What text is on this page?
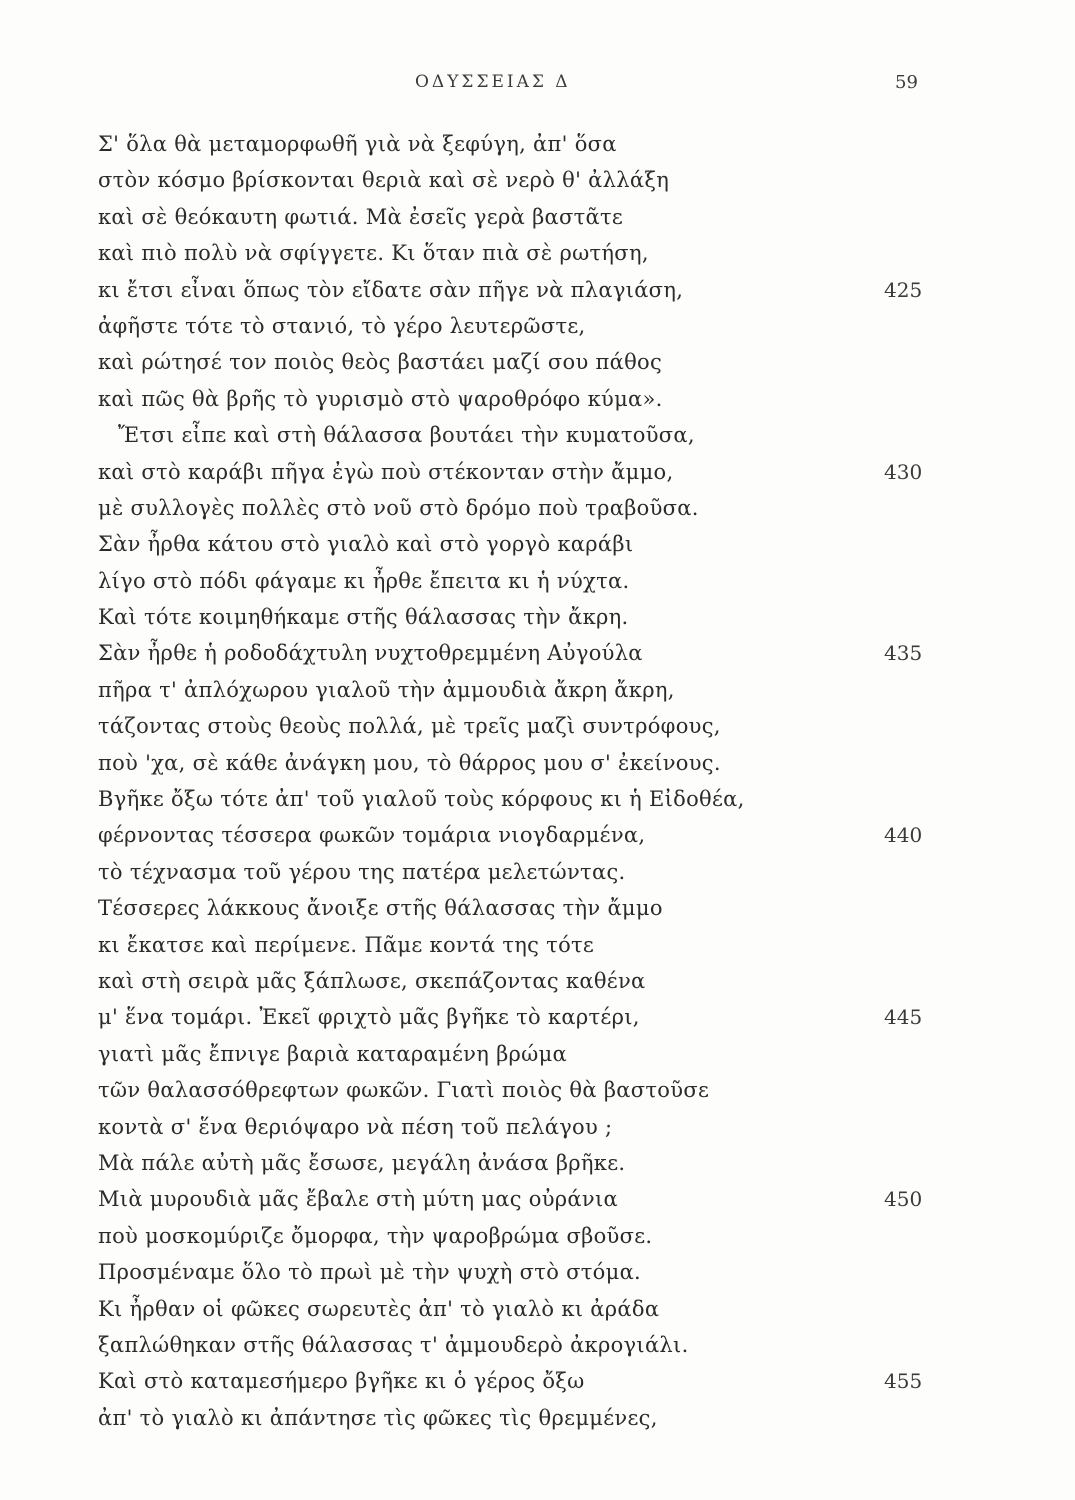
ΟΔΥΣΣΕΙΑΣ Δ	59
Σ' ὅλα θὰ μεταμορφωθῆ γιὰ νὰ ξεφύγη, ἀπ' ὅσα
στὸν κόσμο βρίσκονται θεριὰ καὶ σὲ νερὸ θ' ἀλλάξη
καὶ σὲ θεόκαυτη φωτιά. Μὰ ἐσεῖς γερὰ βαστᾶτε
καὶ πιὸ πολὺ νὰ σφίγγετε. Κι ὅταν πιὰ σὲ ρωτήση,
κι ἔτσι εἶναι ὅπως τὸν εἴδατε σὰν πῆγε νὰ πλαγιάση,	425
ἀφῆστε τότε τὸ στανιό, τὸ γέρο λευτερῶστε,
καὶ ρώτησέ τον ποιὸς θεὸς βαστάει μαζί σου πάθος
καὶ πῶς θὰ βρῆς τὸ γυρισμὸ στὸ ψαροθρόφο κύμα».
Ἔτσι εἶπε καὶ στὴ θάλασσα βουτάει τὴν κυματοῦσα,
καὶ στὸ καράβι πῆγα ἐγὼ ποὺ στέκονταν στὴν ἄμμο,	430
μὲ συλλογὲς πολλὲς στὸ νοῦ στὸ δρόμο ποὺ τραβοῦσα.
Σὰν ἦρθα κάτου στὸ γιαλὸ καὶ στὸ γοργὸ καράβι
λίγο στὸ πόδι φάγαμε κι ἦρθε ἔπειτα κι ἡ νύχτα.
Καὶ τότε κοιμηθήκαμε στῆς θάλασσας τὴν ἄκρη.
Σὰν ἦρθε ἡ ροδοδάχτυλη νυχτοθρεμμένη Αὐγούλα	435
πῆρα τ' ἀπλόχωρου γιαλοῦ τὴν ἀμμουδιὰ ἄκρη ἄκρη,
τάζοντας στοὺς θεοὺς πολλά, μὲ τρεῖς μαζὶ συντρόφους,
ποὺ 'χα, σὲ κάθε ἀνάγκη μου, τὸ θάρρος μου σ' ἐκείνους.
Βγῆκε ὄξω τότε ἀπ' τοῦ γιαλοῦ τοὺς κόρφους κι ἡ Εἰδοθέα,
φέρνοντας τέσσερα φωκῶν τομάρια νιογδαρμένα,	440
τὸ τέχνασμα τοῦ γέρου της πατέρα μελετώντας.
Τέσσερες λάκκους ἄνοιξε στῆς θάλασσας τὴν ἄμμο
κι ἔκατσε καὶ περίμενε. Πᾶμε κοντά της τότε
καὶ στὴ σειρὰ μᾶς ξάπλωσε, σκεπάζοντας καθένα
μ' ἕνα τομάρι. Ἐκεῖ φριχτὸ μᾶς βγῆκε τὸ καρτέρι,	445
γιατὶ μᾶς ἔπνιγε βαριὰ καταραμένη βρώμα
τῶν θαλασσόθρεφτων φωκῶν. Γιατὶ ποιὸς θὰ βαστοῦσε
κοντὰ σ' ἕνα θεριόψαρο νὰ πέση τοῦ πελάγου ;
Μὰ πάλε αὐτὴ μᾶς ἔσωσε, μεγάλη ἀνάσα βρῆκε.
Μιὰ μυρουδιὰ μᾶς ἔβαλε στὴ μύτη μας οὐράνια	450
ποὺ μοσκομύριζε ὄμορφα, τὴν ψαροβρώμα σβοῦσε.
Προσμέναμε ὅλο τὸ πρωὶ μὲ τὴν ψυχὴ στὸ στόμα.
Κι ἦρθαν οἱ φῶκες σωρευτὲς ἀπ' τὸ γιαλὸ κι ἀράδα
ξαπλώθηκαν στῆς θάλασσας τ' ἀμμουδερὸ ἀκρογιάλι.
Καὶ στὸ καταμεσήμερο βγῆκε κι ὁ γέρος ὄξω	455
ἀπ' τὸ γιαλὸ κι ἀπάντησε τὶς φῶκες τὶς θρεμμένες,
